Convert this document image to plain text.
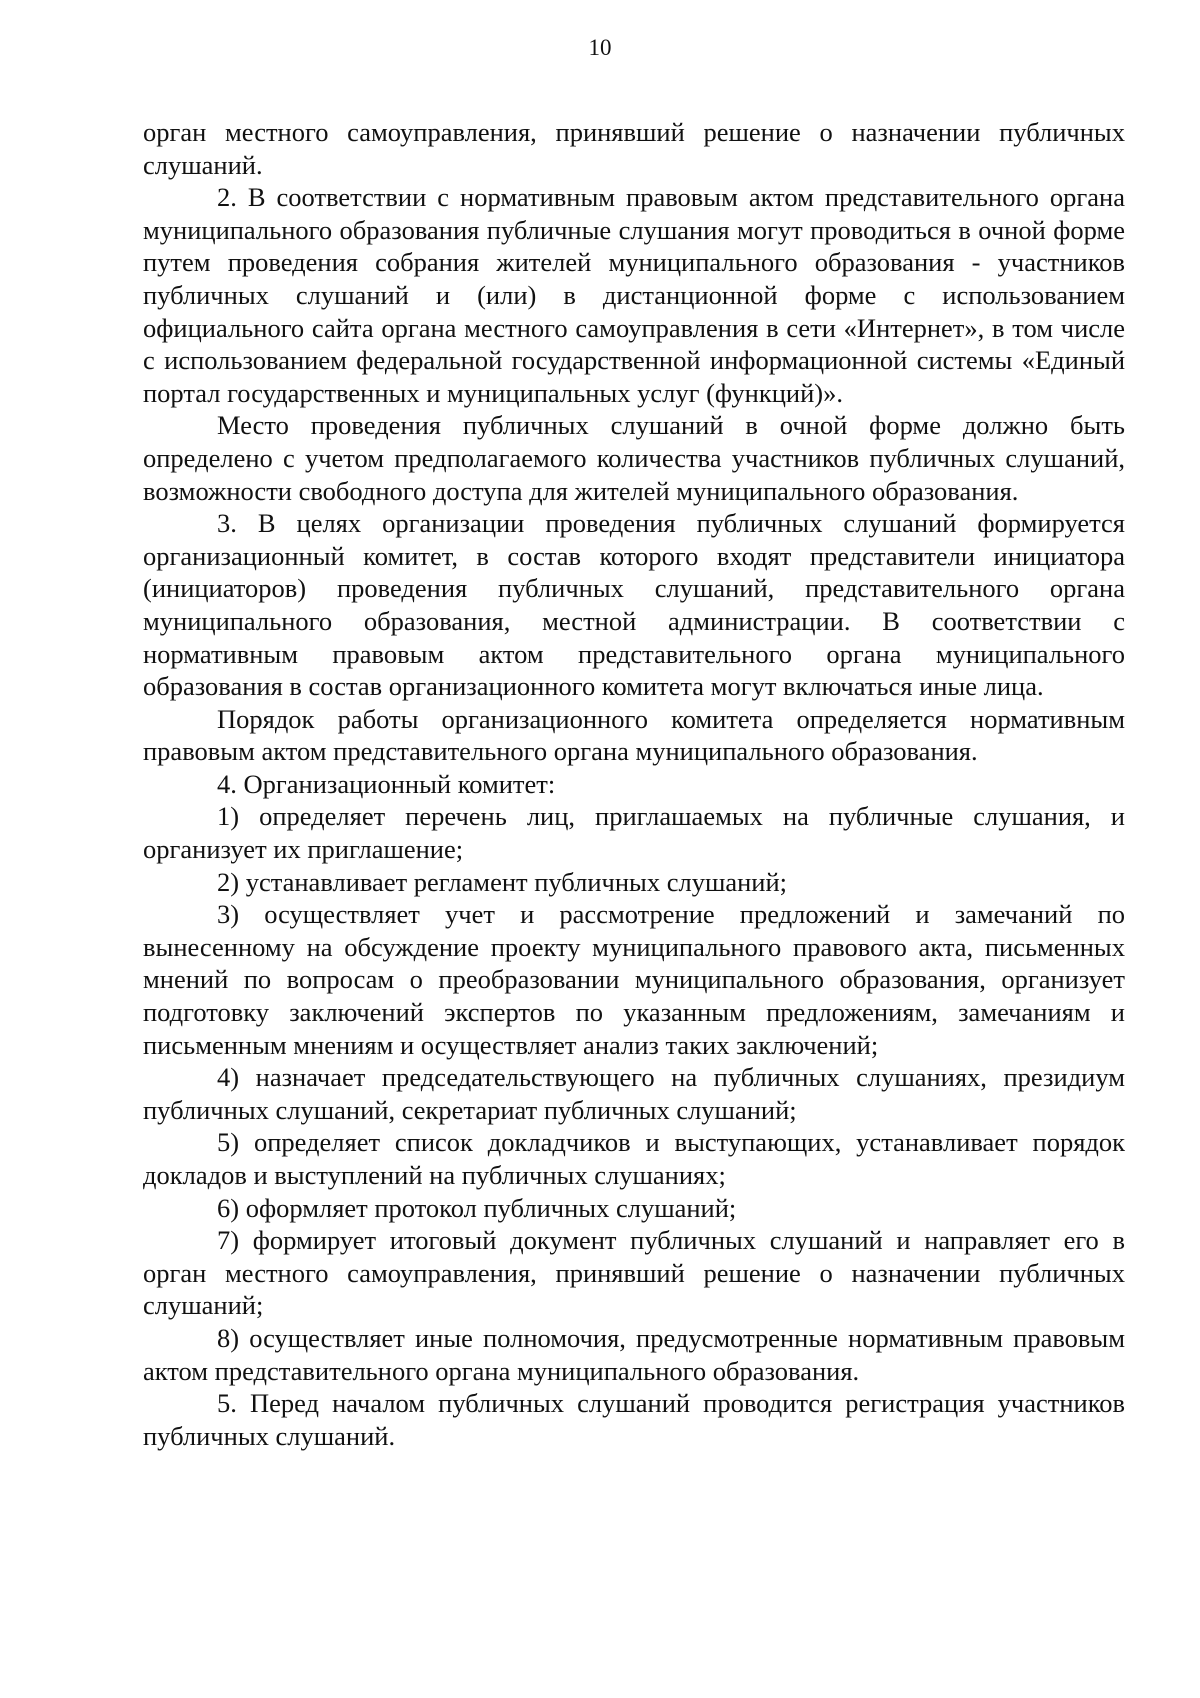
10

орган местного самоуправления, принявший решение о назначении публичных слушаний.

2. В соответствии с нормативным правовым актом представительного органа муниципального образования публичные слушания могут проводиться в очной форме путем проведения собрания жителей муниципального образования - участников публичных слушаний и (или) в дистанционной форме с использованием официального сайта органа местного самоуправления в сети «Интернет», в том числе с использованием федеральной государственной информационной системы «Единый портал государственных и муниципальных услуг (функций)».

Место проведения публичных слушаний в очной форме должно быть определено с учетом предполагаемого количества участников публичных слушаний, возможности свободного доступа для жителей муниципального образования.

3. В целях организации проведения публичных слушаний формируется организационный комитет, в состав которого входят представители инициатора (инициаторов) проведения публичных слушаний, представительного органа муниципального образования, местной администрации. В соответствии с нормативным правовым актом представительного органа муниципального образования в состав организационного комитета могут включаться иные лица.

Порядок работы организационного комитета определяется нормативным правовым актом представительного органа муниципального образования.

4. Организационный комитет:

1) определяет перечень лиц, приглашаемых на публичные слушания, и организует их приглашение;

2) устанавливает регламент публичных слушаний;

3) осуществляет учет и рассмотрение предложений и замечаний по вынесенному на обсуждение проекту муниципального правового акта, письменных мнений по вопросам о преобразовании муниципального образования, организует подготовку заключений экспертов по указанным предложениям, замечаниям и письменным мнениям и осуществляет анализ таких заключений;

4) назначает председательствующего на публичных слушаниях, президиум публичных слушаний, секретариат публичных слушаний;

5) определяет список докладчиков и выступающих, устанавливает порядок докладов и выступлений на публичных слушаниях;

6) оформляет протокол публичных слушаний;

7) формирует итоговый документ публичных слушаний и направляет его в орган местного самоуправления, принявший решение о назначении публичных слушаний;

8) осуществляет иные полномочия, предусмотренные нормативным правовым актом представительного органа муниципального образования.

5. Перед началом публичных слушаний проводится регистрация участников публичных слушаний.
